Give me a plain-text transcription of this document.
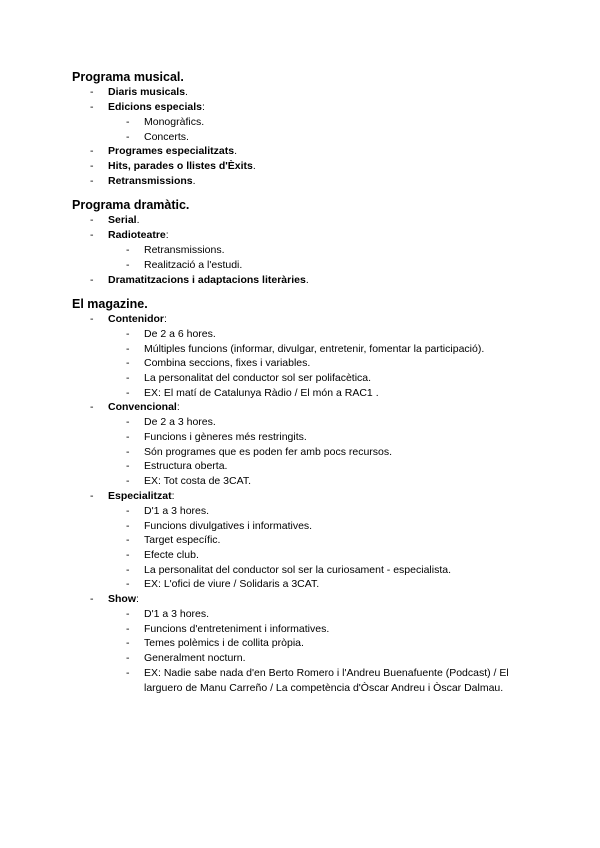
Programa musical.
- Diaris musicals.
- Edicions especials:
- Monogràfics.
- Concerts.
- Programes especialitzats.
- Hits, parades o llistes d'Èxits.
- Retransmissions.
Programa dramàtic.
- Serial.
- Radioteatre:
- Retransmissions.
- Realització a l'estudi.
- Dramatitzacions i adaptacions literàries.
El magazine.
- Contenidor:
- De 2 a 6 hores.
- Múltiples funcions (informar, divulgar, entretenir, fomentar la participació).
- Combina seccions, fixes i variables.
- La personalitat del conductor sol ser polifacètica.
- EX: El matí de Catalunya Ràdio / El món a RAC1 .
- Convencional:
- De 2 a 3 hores.
- Funcions i gèneres més restringits.
- Són programes que es poden fer amb pocs recursos.
- Estructura oberta.
- EX: Tot costa de 3CAT.
- Especialitzat:
- D'1 a 3 hores.
- Funcions divulgatives i informatives.
- Target específic.
- Efecte club.
- La personalitat del conductor sol ser la curiosament - especialista.
- EX: L'ofici de viure / Solidaris a 3CAT.
- Show:
- D'1 a 3 hores.
- Funcions d'entreteniment i informatives.
- Temes polèmics i de collita pròpia.
- Generalment nocturn.
- EX: Nadie sabe nada d'en Berto Romero i l'Andreu Buenafuente (Podcast) / El larguero de Manu Carreño / La competència d'Òscar Andreu i Òscar Dalmau.
